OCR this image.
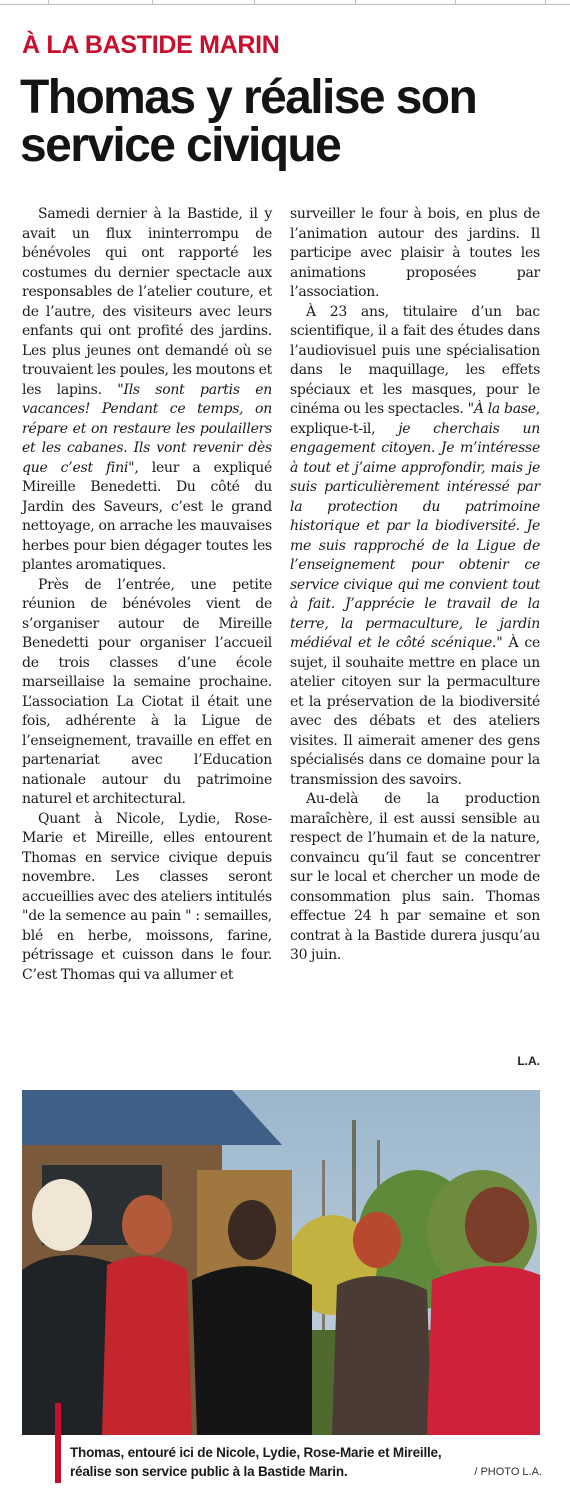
À LA BASTIDE MARIN
Thomas y réalise son service civique

Samedi dernier à la Bastide, il y avait un flux ininterrompu de bénévoles qui ont rapporté les costumes du dernier spectacle aux responsables de l’atelier couture, et de l’autre, des visiteurs avec leurs enfants qui ont profité des jardins. Les plus jeunes ont demandé où se trouvaient les poules, les moutons et les lapins. "Ils sont partis en vacances! Pendant ce temps, on répare et on restaure les poulaillers et les cabanes. Ils vont revenir dès que c’est fini", leur a expliqué Mireille Benedetti. Du côté du Jardin des Saveurs, c’est le grand nettoyage, on arrache les mauvaises herbes pour bien dégager toutes les plantes aromatiques.

Près de l’entrée, une petite réunion de bénévoles vient de s’organiser autour de Mireille Benedetti pour organiser l’accueil de trois classes d’une école marseillaise la semaine prochaine. L’association La Ciotat il était une fois, adhérente à la Ligue de l’enseignement, travaille en effet en partenariat avec l’Education nationale autour du patrimoine naturel et architectural.

Quant à Nicole, Lydie, Rose-Marie et Mireille, elles entourent Thomas en service civique depuis novembre. Les classes seront accueillies avec des ateliers intitulés "de la semence au pain " : semailles, blé en herbe, moissons, farine, pétrissage et cuisson dans le four. C’est Thomas qui va allumer et

surveiller le four à bois, en plus de l’animation autour des jardins. Il participe avec plaisir à toutes les animations proposées par l’association.

À 23 ans, titulaire d’un bac scientifique, il a fait des études dans l’audiovisuel puis une spécialisation dans le maquillage, les effets spéciaux et les masques, pour le cinéma ou les spectacles. "À la base, explique-t-il, je cherchais un engagement citoyen. Je m’intéresse à tout et j’aime approfondir, mais je suis particulièrement intéressé par la protection du patrimoine historique et par la biodiversité. Je me suis rapproché de la Ligue de l’enseignement pour obtenir ce service civique qui me convient tout à fait. J’apprécie le travail de la terre, la permaculture, le jardin médiéval et le côté scénique." À ce sujet, il souhaite mettre en place un atelier citoyen sur la permaculture et la préservation de la biodiversité avec des débats et des ateliers visites. Il aimerait amener des gens spécialisés dans ce domaine pour la transmission des savoirs.

Au-delà de la production maraîchère, il est aussi sensible au respect de l’humain et de la nature, convaincu qu’il faut se concentrer sur le local et chercher un mode de consommation plus sain. Thomas effectue 24 h par semaine et son contrat à la Bastide durera jusqu’au 30 juin.

L.A.
Thomas, entouré ici de Nicole, Lydie, Rose-Marie et Mireille, réalise son service public à la Bastide Marin.	/ PHOTO L.A.
